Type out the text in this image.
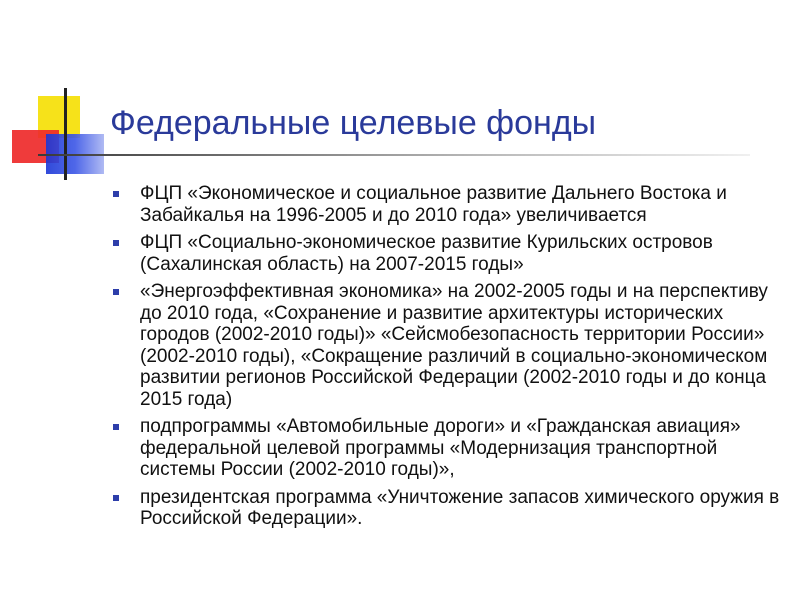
Федеральные целевые фонды
ФЦП «Экономическое и социальное развитие Дальнего Востока и Забайкалья на 1996-2005 и до 2010 года» увеличивается
ФЦП «Социально-экономическое развитие Курильских островов (Сахалинская область) на 2007-2015 годы»
«Энергоэффективная экономика» на 2002-2005 годы и на перспективу до 2010 года, «Сохранение и развитие архитектуры исторических городов (2002-2010 годы)» «Сейсмобезопасность территории России» (2002-2010 годы), «Сокращение различий в социально-экономическом развитии регионов Российской Федерации (2002-2010 годы и до конца 2015 года)
подпрограммы «Автомобильные дороги» и «Гражданская авиация» федеральной целевой программы «Модернизация транспортной системы России (2002-2010 годы)»,
президентская программа «Уничтожение запасов химического оружия в Российской Федерации».
